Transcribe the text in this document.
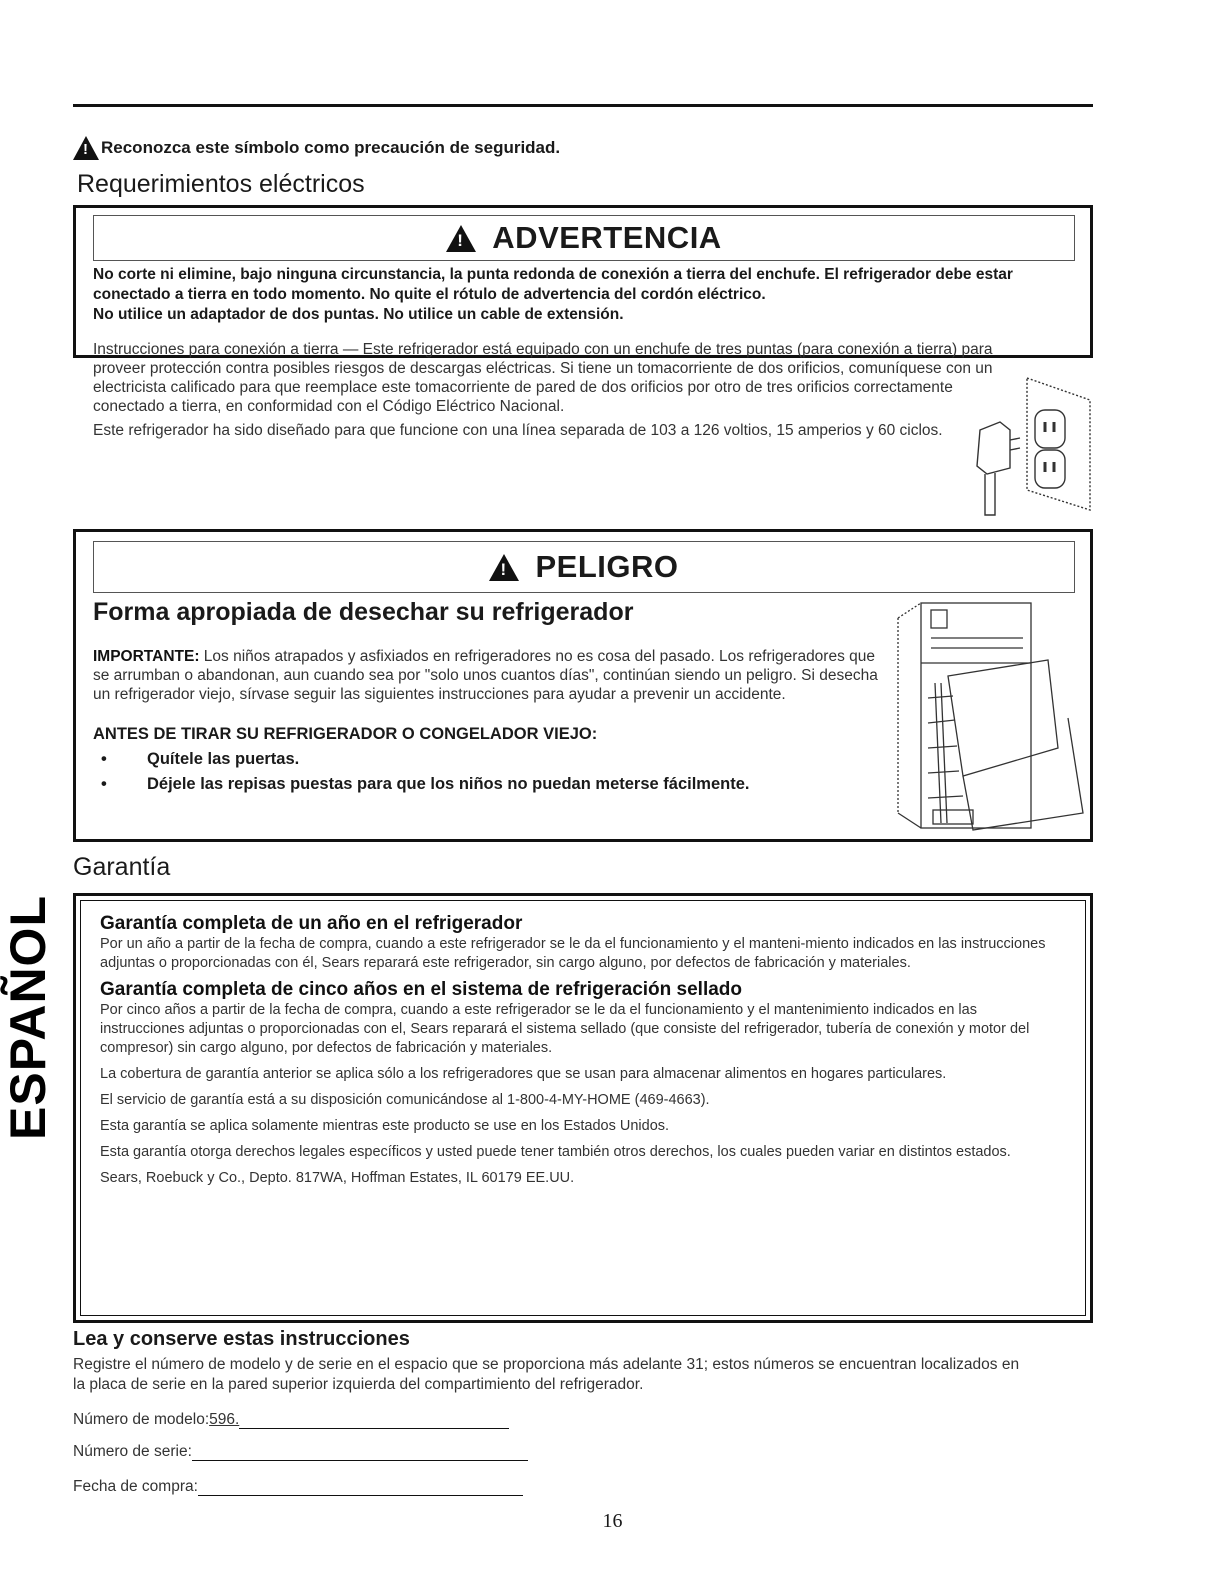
!
Reconozca este símbolo como precaución de seguridad.
Requerimientos eléctricos
!
ADVERTENCIA

No corte ni elimine, bajo ninguna circunstancia, la punta redonda de conexión a tierra del enchufe. El refrigerador debe estar conectado a tierra en todo momento. No quite el rótulo de advertencia del cordón eléctrico.

No utilice un adaptador de dos puntas. No utilice un cable de extensión.

Instrucciones para conexión a tierra — Este refrigerador está equipado con un enchufe de tres puntas (para conexión a tierra) para proveer protección contra posibles riesgos de descargas eléctricas. Si tiene un tomacorriente de dos orificios, comuníquese con un electricista calificado para que reemplace este tomacorriente de pared de dos orificios por otro de tres orificios correctamente conectado a tierra, en conformidad con el Código Eléctrico Nacional.

Este refrigerador ha sido diseñado para que funcione con una línea separada de 103 a 126 voltios, 15 amperios y 60 ciclos.

!
PELIGRO
Forma apropiada de desechar su refrigerador

IMPORTANTE: Los niños atrapados y asfixiados en refrigeradores no es cosa del pasado. Los refrigeradores que se arrumban o abandonan, aun cuando sea por "solo unos cuantos días", continúan siendo un peligro. Si desecha un refrigerador viejo, sírvase seguir las siguientes instrucciones para ayudar a prevenir un accidente.

ANTES DE TIRAR SU REFRIGERADOR O CONGELADOR VIEJO:
•	Quítele las puertas.
•	Déjele las repisas puestas para que los niños no puedan meterse fácilmente.
Garantía
ESPAÑOL Garantía completa de un año en el refrigerador

Por un año a partir de la fecha de compra, cuando a este refrigerador se le da el funcionamiento y el manteni-miento indicados en las instrucciones adjuntas o proporcionadas con él, Sears reparará este refrigerador, sin cargo alguno, por defectos de fabricación y materiales.

Garantía completa de cinco años en el sistema de refrigeración sellado

Por cinco años a partir de la fecha de compra, cuando a este refrigerador se le da el funcionamiento y el mantenimiento indicados en las instrucciones adjuntas o proporcionadas con el, Sears reparará el sistema sellado (que consiste del refrigerador, tubería de conexión y motor del compresor) sin cargo alguno, por defectos de fabricación y materiales.

La cobertura de garantía anterior se aplica sólo a los refrigeradores que se usan para almacenar alimentos en hogares particulares.

El servicio de garantía está a su disposición comunicándose al 1-800-4-MY-HOME (469-4663).

Esta garantía se aplica solamente mientras este producto se use en los Estados Unidos.

Esta garantía otorga derechos legales específicos y usted puede tener también otros derechos, los cuales pueden variar en distintos estados.

Sears, Roebuck y Co., Depto. 817WA, Hoffman Estates, IL 60179 EE.UU.

Lea y conserve estas instrucciones
Registre el número de modelo y de serie en el espacio que se proporciona más adelante 31; estos números se encuentran localizados en la placa de serie en la pared superior izquierda del compartimiento del refrigerador.
Número de modelo: 596.
Número de serie:
Fecha de compra:
16
